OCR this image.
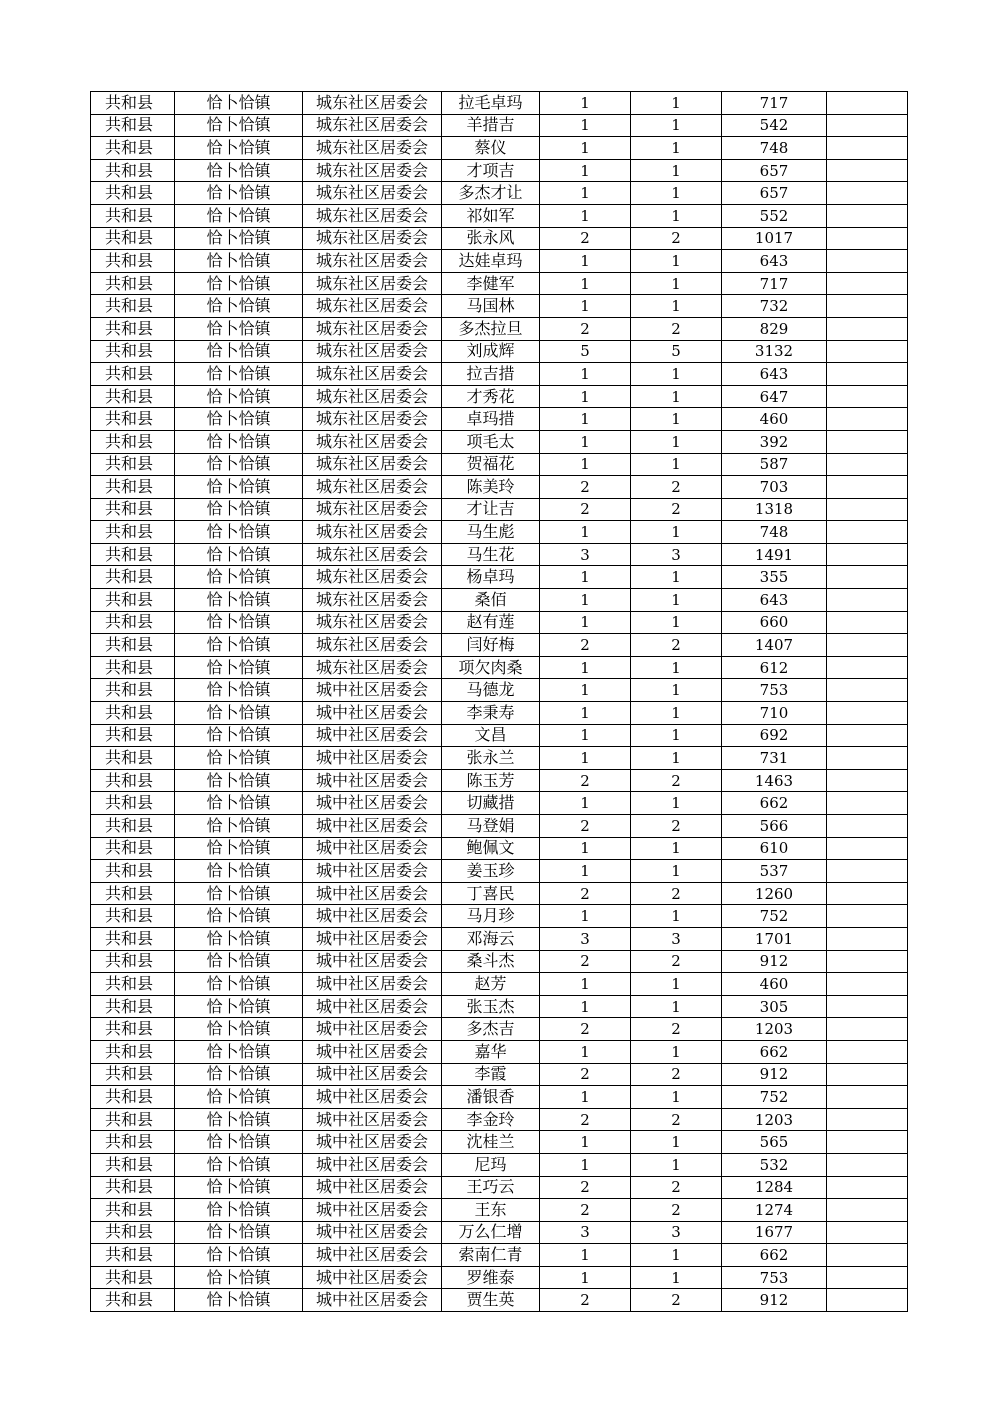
共和县	恰卜恰镇	城东社区居委会	拉毛卓玛	1	1	717	
共和县	恰卜恰镇	城东社区居委会	羊措吉	1	1	542	
共和县	恰卜恰镇	城东社区居委会	蔡仪	1	1	748	
共和县	恰卜恰镇	城东社区居委会	才项吉	1	1	657	
共和县	恰卜恰镇	城东社区居委会	多杰才让	1	1	657	
共和县	恰卜恰镇	城东社区居委会	祁如军	1	1	552	
共和县	恰卜恰镇	城东社区居委会	张永风	2	2	1017	
共和县	恰卜恰镇	城东社区居委会	达娃卓玛	1	1	643	
共和县	恰卜恰镇	城东社区居委会	李健军	1	1	717	
共和县	恰卜恰镇	城东社区居委会	马国林	1	1	732	
共和县	恰卜恰镇	城东社区居委会	多杰拉旦	2	2	829	
共和县	恰卜恰镇	城东社区居委会	刘成辉	5	5	3132	
共和县	恰卜恰镇	城东社区居委会	拉吉措	1	1	643	
共和县	恰卜恰镇	城东社区居委会	才秀花	1	1	647	
共和县	恰卜恰镇	城东社区居委会	卓玛措	1	1	460	
共和县	恰卜恰镇	城东社区居委会	项毛太	1	1	392	
共和县	恰卜恰镇	城东社区居委会	贺福花	1	1	587	
共和县	恰卜恰镇	城东社区居委会	陈美玲	2	2	703	
共和县	恰卜恰镇	城东社区居委会	才让吉	2	2	1318	
共和县	恰卜恰镇	城东社区居委会	马生彪	1	1	748	
共和县	恰卜恰镇	城东社区居委会	马生花	3	3	1491	
共和县	恰卜恰镇	城东社区居委会	杨卓玛	1	1	355	
共和县	恰卜恰镇	城东社区居委会	桑佰	1	1	643	
共和县	恰卜恰镇	城东社区居委会	赵有莲	1	1	660	
共和县	恰卜恰镇	城东社区居委会	闫好梅	2	2	1407	
共和县	恰卜恰镇	城东社区居委会	项欠肉桑	1	1	612	
共和县	恰卜恰镇	城中社区居委会	马德龙	1	1	753	
共和县	恰卜恰镇	城中社区居委会	李秉寿	1	1	710	
共和县	恰卜恰镇	城中社区居委会	文昌	1	1	692	
共和县	恰卜恰镇	城中社区居委会	张永兰	1	1	731	
共和县	恰卜恰镇	城中社区居委会	陈玉芳	2	2	1463	
共和县	恰卜恰镇	城中社区居委会	切藏措	1	1	662	
共和县	恰卜恰镇	城中社区居委会	马登娟	2	2	566	
共和县	恰卜恰镇	城中社区居委会	鲍佩文	1	1	610	
共和县	恰卜恰镇	城中社区居委会	姜玉珍	1	1	537	
共和县	恰卜恰镇	城中社区居委会	丁喜民	2	2	1260	
共和县	恰卜恰镇	城中社区居委会	马月珍	1	1	752	
共和县	恰卜恰镇	城中社区居委会	邓海云	3	3	1701	
共和县	恰卜恰镇	城中社区居委会	桑斗杰	2	2	912	
共和县	恰卜恰镇	城中社区居委会	赵芳	1	1	460	
共和县	恰卜恰镇	城中社区居委会	张玉杰	1	1	305	
共和县	恰卜恰镇	城中社区居委会	多杰吉	2	2	1203	
共和县	恰卜恰镇	城中社区居委会	嘉华	1	1	662	
共和县	恰卜恰镇	城中社区居委会	李霞	2	2	912	
共和县	恰卜恰镇	城中社区居委会	潘银香	1	1	752	
共和县	恰卜恰镇	城中社区居委会	李金玲	2	2	1203	
共和县	恰卜恰镇	城中社区居委会	沈桂兰	1	1	565	
共和县	恰卜恰镇	城中社区居委会	尼玛	1	1	532	
共和县	恰卜恰镇	城中社区居委会	王巧云	2	2	1284	
共和县	恰卜恰镇	城中社区居委会	王东	2	2	1274	
共和县	恰卜恰镇	城中社区居委会	万么仁增	3	3	1677	
共和县	恰卜恰镇	城中社区居委会	索南仁青	1	1	662	
共和县	恰卜恰镇	城中社区居委会	罗维泰	1	1	753	
共和县	恰卜恰镇	城中社区居委会	贾生英	2	2	912	
